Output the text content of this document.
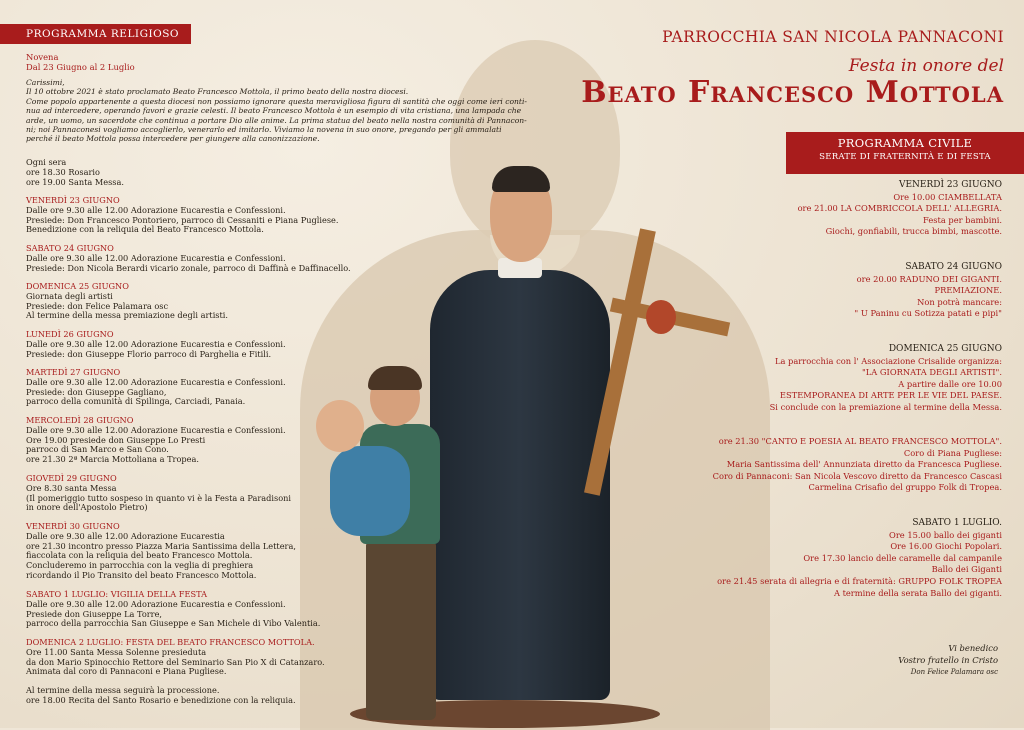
PROGRAMMA RELIGIOSO
Novena
Dal 23 Giugno al 2 Luglio
Carissimi,
Il 10 ottobre 2021 è stato proclamato Beato Francesco Mottola, il primo beato della nostra diocesi.
Come popolo appartenente a questa diocesi non possiamo ignorare questa meravigliosa figura di santità che oggi come ieri conti-
nua ad intercedere, operando favori e grazie celesti. Il beato Francesco Mottola è un esempio di vita cristiana, una lampada che
arde, un uomo, un sacerdote che continua a portare Dio alle anime. La prima statua del beato nella nostra comunità di Pannacon-
ni; noi Pannaconesi vogliamo accoglierlo, venerarlo ed imitarlo. Viviamo la novena in suo onore, pregando per gli ammalati
perché il beato Mottola possa intercedere per giungere alla canonizzazione.
Ogni sera
ore 18.30 Rosario
ore 19.00 Santa Messa.
VENERDÌ 23 GIUGNO
Dalle ore 9.30 alle 12.00 Adorazione Eucarestia e Confessioni.
Presiede: Don Francesco Pontoriero, parroco di Cessaniti e Piana Pugliese.
Benedizione con la reliquia del Beato Francesco Mottola.
SABATO 24 GIUGNO
Dalle ore 9.30 alle 12.00 Adorazione Eucarestia e Confessioni.
Presiede: Don Nicola Berardi vicario zonale, parroco di Daffinà e Daffinacello.
DOMENICA 25 GIUGNO
Giornata degli artisti
Presiede: don Felice Palamara osc
Al termine della messa premiazione degli artisti.
LUNEDÌ 26 GIUGNO
Dalle ore 9.30 alle 12.00 Adorazione Eucarestia e Confessioni.
Presiede: don Giuseppe Florio parroco di Parghelia e Fitili.
MARTEDÌ 27 GIUGNO
Dalle ore 9.30 alle 12.00 Adorazione Eucarestia e Confessioni.
Presiede: don Giuseppe Gagliano,
parroco della comunità di Spilinga, Carciadi, Panaia.
MERCOLEDÌ 28 GIUGNO
Dalle ore 9.30 alle 12.00 Adorazione Eucarestia e Confessioni.
Ore 19.00 presiede don Giuseppe Lo Presti
parroco di San Marco e San Cono.
ore 21.30 2ª Marcia Mottoliana a Tropea.
GIOVEDÌ 29 GIUGNO
Ore 8.30 santa Messa
(Il pomeriggio tutto sospeso in quanto vi è la Festa a Paradisoni
in onore dell'Apostolo Pietro)
VENERDÌ 30 GIUGNO
Dalle ore 9.30 alle 12.00 Adorazione Eucarestia
ore 21.30 incontro presso Piazza Maria Santissima della Lettera,
fiaccolata con la reliquia del beato Francesco Mottola.
Concluderemo in parrocchia con la veglia di preghiera
ricordando il Pio Transito del beato Francesco Mottola.
SABATO 1 LUGLIO: VIGILIA DELLA FESTA
Dalle ore 9.30 alle 12.00 Adorazione Eucarestia e Confessioni.
Presiede don Giuseppe La Torre,
parroco della parrocchia San Giuseppe e San Michele di Vibo Valentia.
DOMENICA 2 LUGLIO: FESTA DEL BEATO FRANCESCO MOTTOLA.
Ore 11.00 Santa Messa Solenne presieduta
da don Mario Spinocchio Rettore del Seminario San Pio X di Catanzaro.
Animata dal coro di Pannaconi e Piana Pugliese.
Al termine della messa seguirà la processione.
ore 18.00 Recita del Santo Rosario e benedizione con la reliquia.
PARROCCHIA SAN NICOLA PANNACONI
Festa in onore del
Beato Francesco Mottola
PROGRAMMA CIVILE
SERATE DI FRATERNITÀ E DI FESTA
VENERDÌ 23 GIUGNO
Ore 10.00 CIAMBELLATA
ore 21.00 LA COMBRICCOLA DELL' ALLEGRIA.
Festa per bambini.
Giochi, gonfiabili, trucca bimbi, mascotte.
SABATO 24 GIUGNO
ore 20.00 RADUNO DEI GIGANTI.
PREMIAZIONE.
Non potrà mancare:
" U Paninu cu Sotizza patati e pipi"
DOMENICA 25 GIUGNO
La parrocchia con l' Associazione Crisalide organizza:
"LA GIORNATA DEGLI ARTISTI".
A partire dalle ore 10.00
ESTEMPORANEA DI ARTE PER LE VIE DEL PAESE.
Si conclude con la premiazione al termine della Messa.
ore 21.30 "CANTO E POESIA AL BEATO FRANCESCO MOTTOLA".
Coro di Piana Pugliese:
Maria Santissima dell' Annunziata diretto da Francesca Pugliese.
Coro di Pannaconi: San Nicola Vescovo diretto da Francesco Cascasi
Carmelina Crisafio del gruppo Folk di Tropea.
SABATO 1 LUGLIO.
Ore 15.00 ballo dei giganti
Ore 16.00 Giochi Popolari.
Ore 17.30 lancio delle caramelle dal campanile
Ballo dei Giganti
ore 21.45 serata di allegria e di fraternità: GRUPPO FOLK TROPEA
A termine della serata Ballo dei giganti.
Vi benedico
Vostro fratello in Cristo
Don Felice Palamara osc
